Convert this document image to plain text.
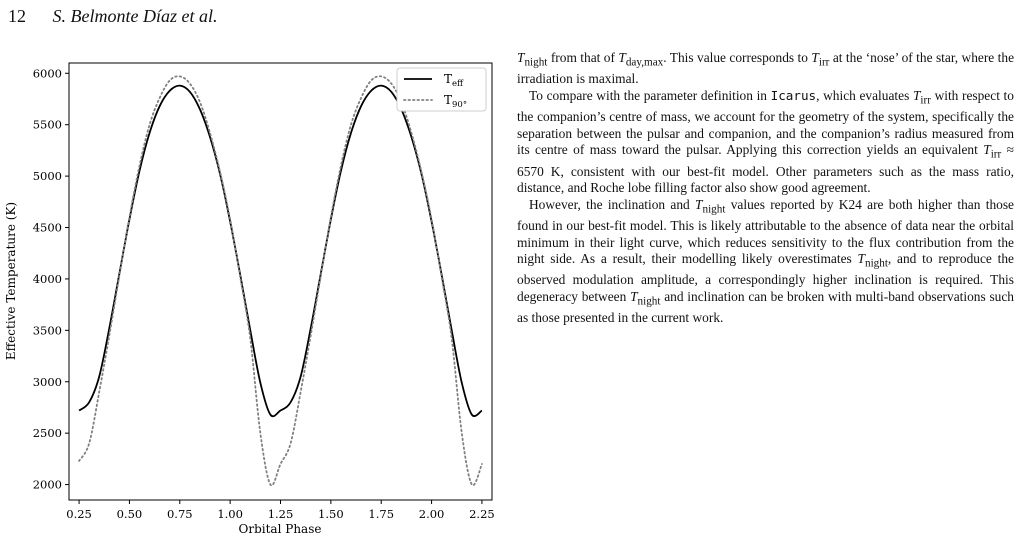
12 S. Belmonte Díaz et al.
0.25 0.50 0.75 1.00 1.25 1.50 1.75 2.00 2.25
2000
2500
3000
3500
4000
4500
5000
5500
6000
Orbital Phase
Effective Temperature (K)
$T_{eff}$
$T_{90^\circ}$

$T_{night}$ from that of $T_{day,max}$. This value corresponds to $T_{irr}$ at the ‘nose’ of the star, where the irradiation is maximal.

To compare with the parameter definition in Icarus, which evaluates $T_{irr}$ with respect to the companion’s centre of mass, we account for the geometry of the system, specifically the separation between the pulsar and companion, and the companion’s radius measured from its centre of mass toward the pulsar. Applying this correction yields an equivalent $T_{irr} \approx 6570$ K, consistent with our best-fit model. Other parameters such as the mass ratio, distance, and Roche lobe filling factor also show good agreement.

However, the inclination and $T_{night}$ values reported by K24 are both higher than those found in our best-fit model. This is likely attributable to the absence of data near the orbital minimum in their light curve, which reduces sensitivity to the flux contribution from the night side. As a result, their modelling likely overestimates $T_{night}$, and to reproduce the observed modulation amplitude, a correspondingly higher inclination is required. This degeneracy between $T_{night}$ and inclination can be broken with multi-band observations such as those presented in the current work.
